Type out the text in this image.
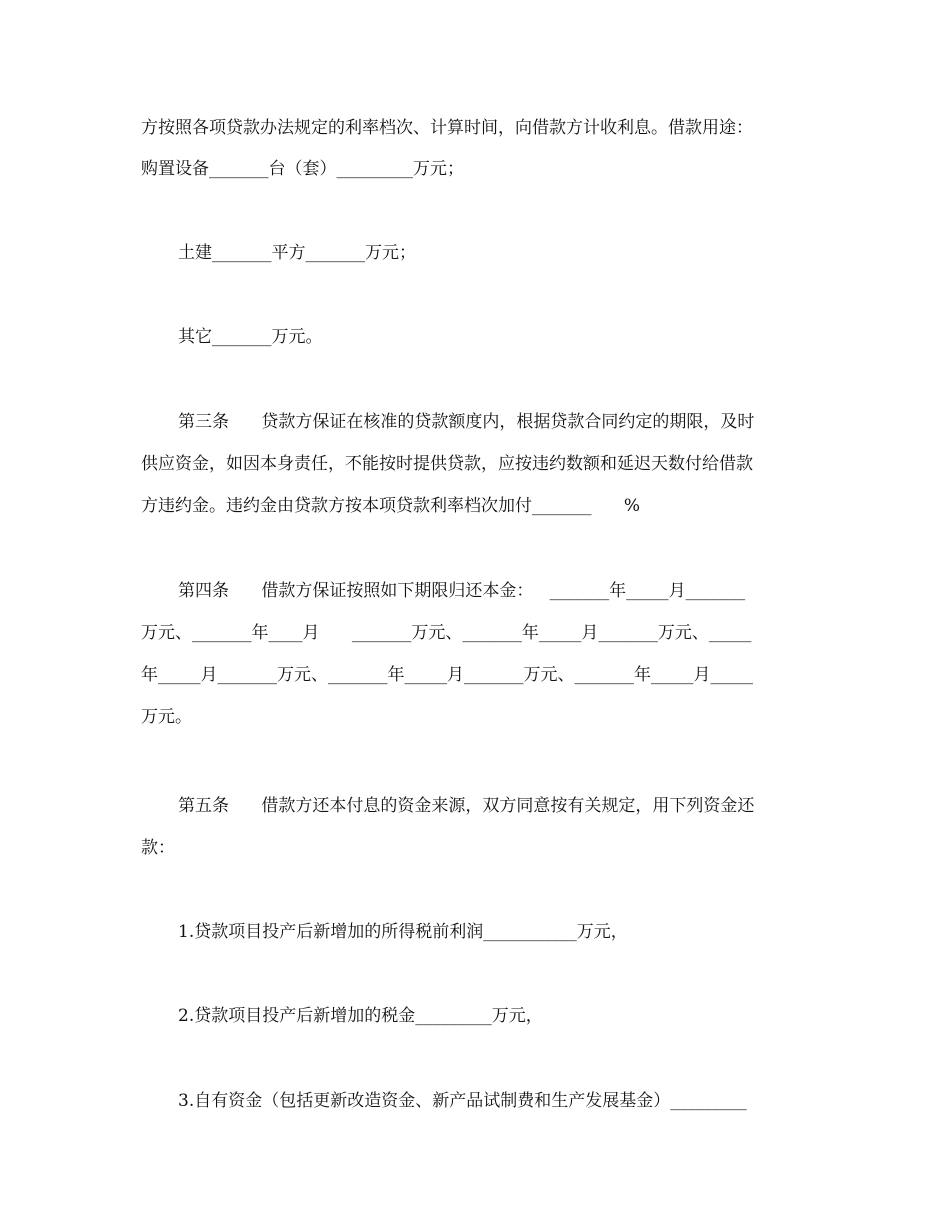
方按照各项贷款办法规定的利率档次、计算时间，向借款方计收利息。借款用途：
购置设备_______台（套）_________万元；
土建_______平方_______万元；
其它_______万元。
第三条      贷款方保证在核准的贷款额度内，根据贷款合同约定的期限，及时
供应资金，如因本身责任，不能按时提供贷款，应按违约数额和延迟天数付给借款
方违约金。违约金由贷款方按本项贷款利率档次加付_______      %
第四条      借款方保证按照如下期限归还本金：   _______年_____月_______
万元、_______年____月      _______万元、_______年_____月_______万元、_____
年_____月_______万元、_______年_____月_______万元、_______年_____月_____
万元。
第五条      借款方还本付息的资金来源，双方同意按有关规定，用下列资金还
款：
1.贷款项目投产后新增加的所得税前利润___________万元，
2.贷款项目投产后新增加的税金_________万元，
3.自有资金（包括更新改造资金、新产品试制费和生产发展基金）_________
